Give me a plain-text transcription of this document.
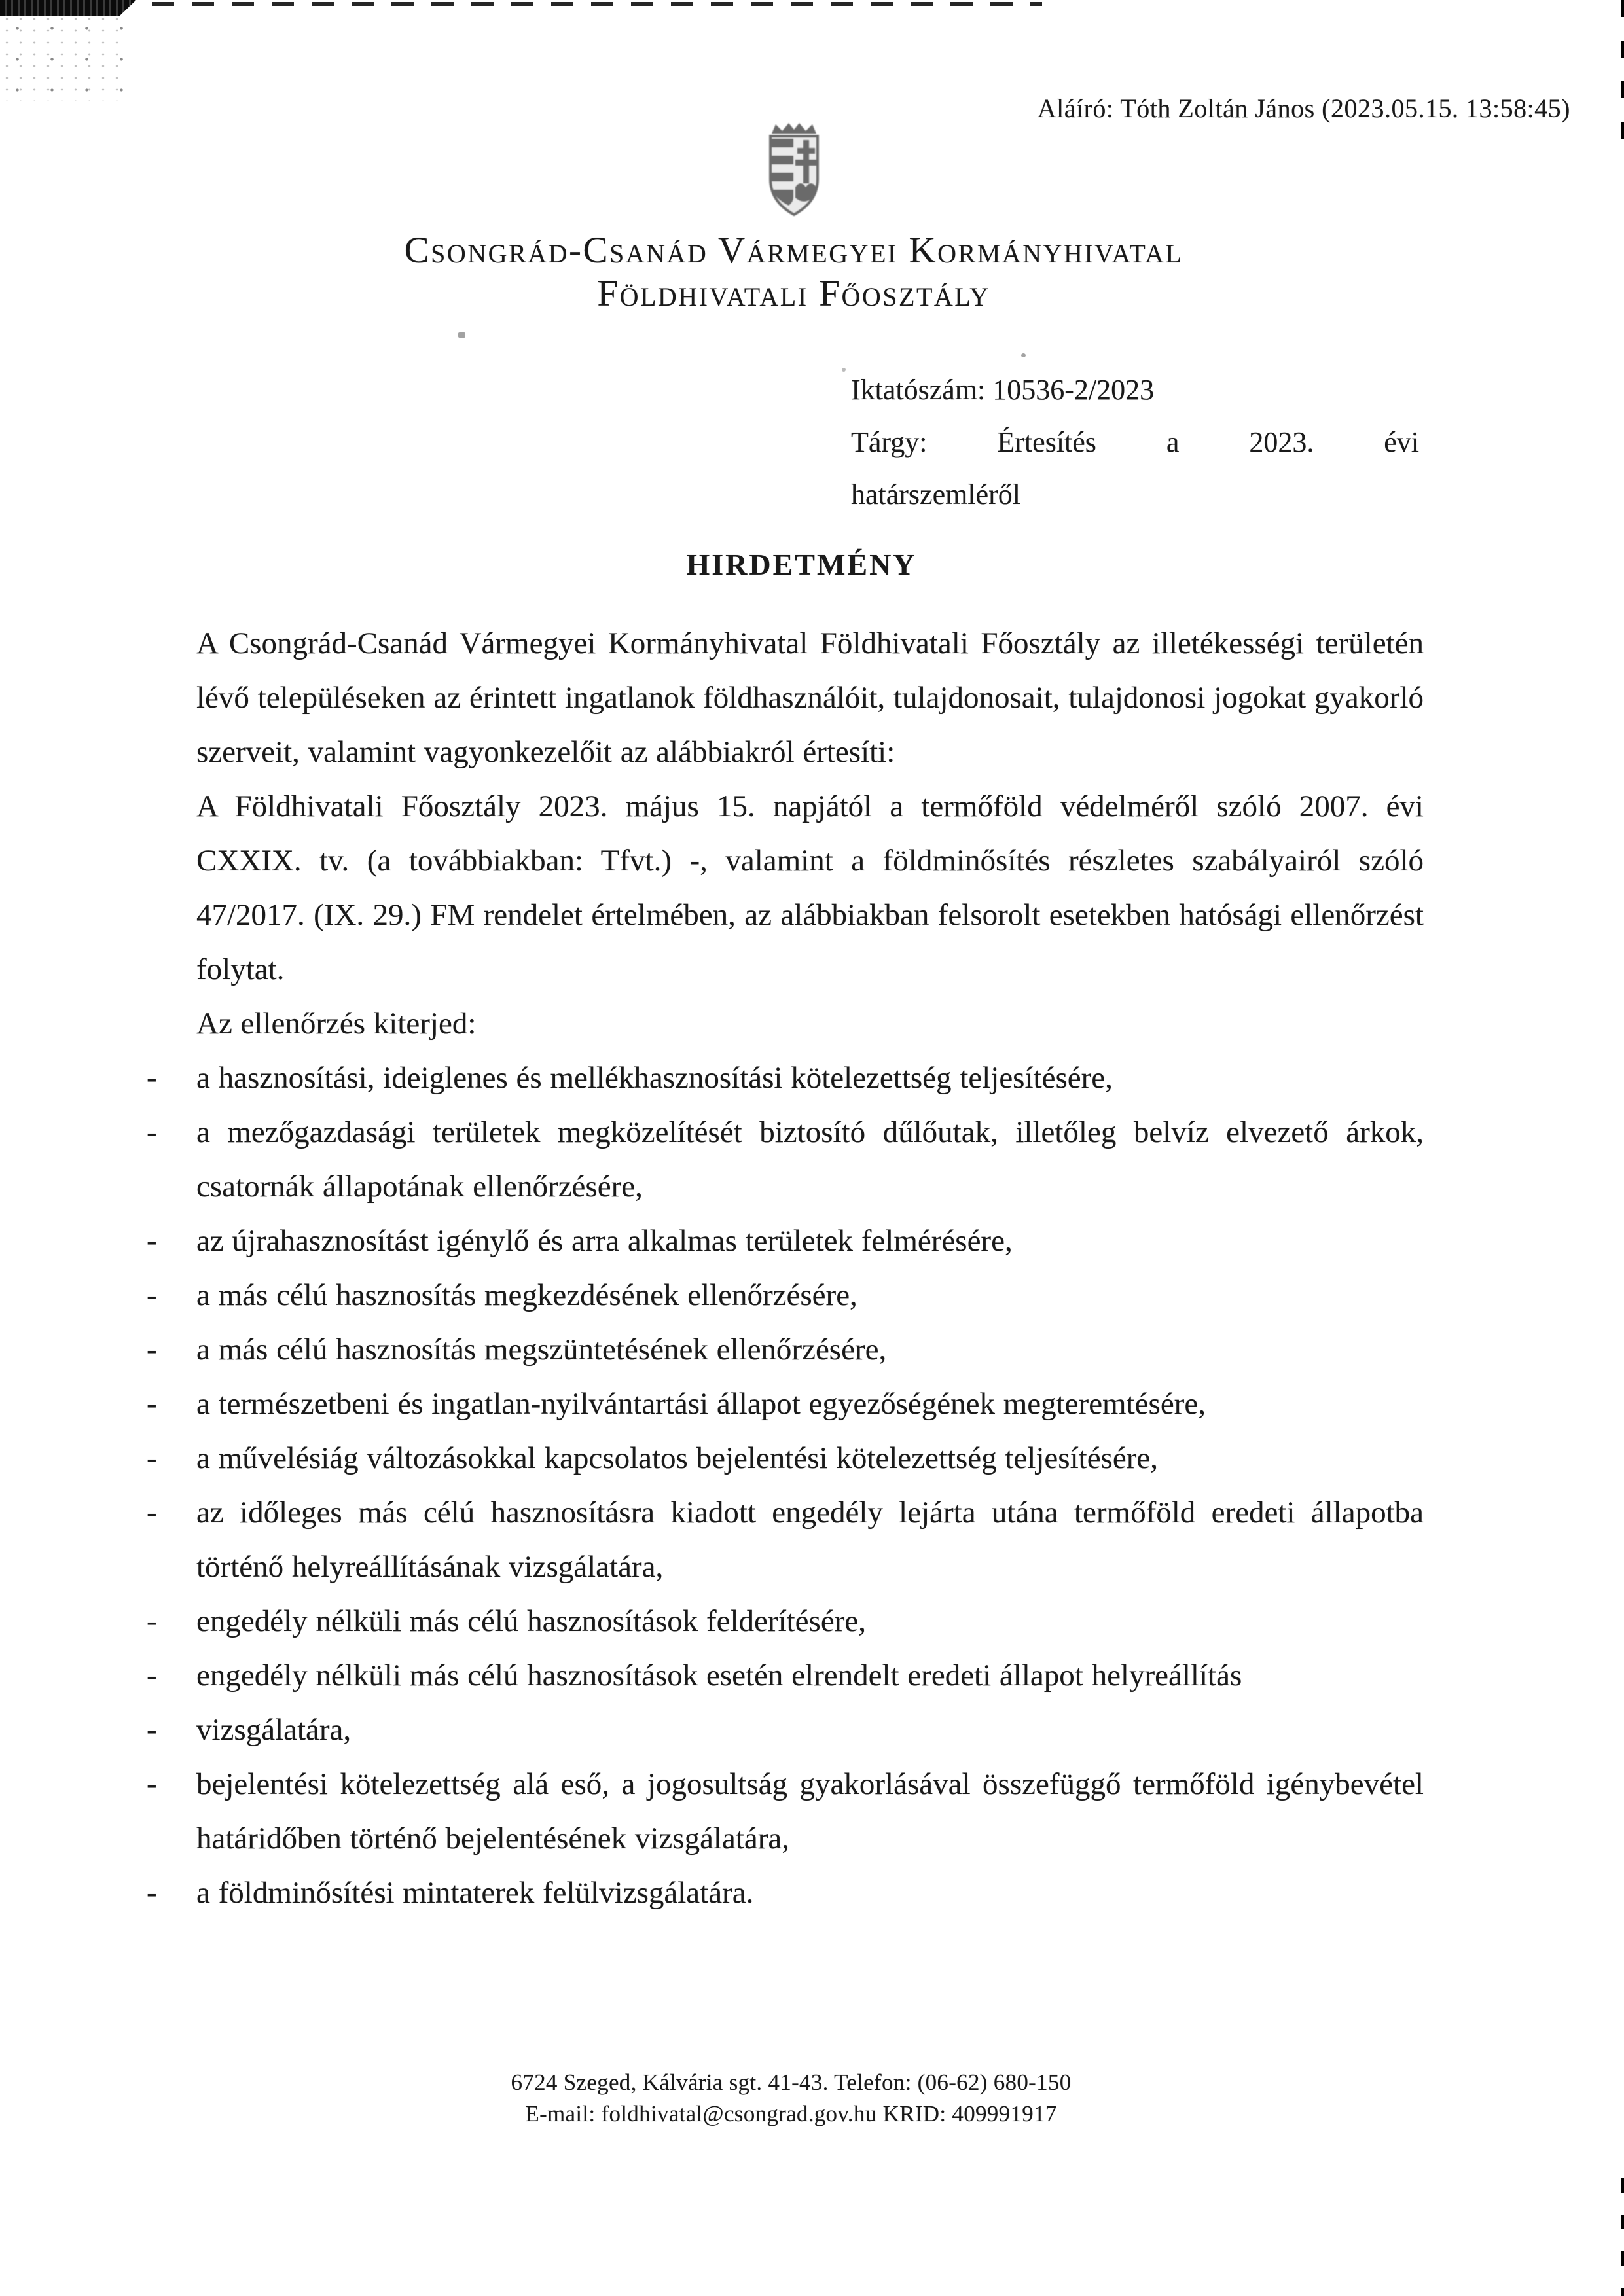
Aláíró: Tóth Zoltán János (2023.05.15. 13:58:45)
Csongrád-Csanád Vármegyei Kormányhivatal
Földhivatali Főosztály
Iktatószám: 10536-2/2023
Tárgy: Értesítés a 2023. évi
határszemléről
HIRDETMÉNY

A Csongrád-Csanád Vármegyei Kormányhivatal Földhivatali Főosztály az illetékességi területén lévő településeken az érintett ingatlanok földhasználóit, tulajdonosait, tulajdonosi jogokat gyakorló szerveit, valamint vagyonkezelőit az alábbiakról értesíti:

A Földhivatali Főosztály 2023. május 15. napjától a termőföld védelméről szóló 2007. évi CXXIX. tv. (a továbbiakban: Tfvt.) -, valamint a földminősítés részletes szabályairól szóló 47/2017. (IX. 29.) FM rendelet értelmében, az alábbiakban felsorolt esetekben hatósági ellenőrzést folytat.

Az ellenőrzés kiterjed:

- a hasznosítási, ideiglenes és mellékhasznosítási kötelezettség teljesítésére,
- a mezőgazdasági területek megközelítését biztosító dűlőutak, illetőleg belvíz elvezető árkok, csatornák állapotának ellenőrzésére,
- az újrahasznosítást igénylő és arra alkalmas területek felmérésére,
- a más célú hasznosítás megkezdésének ellenőrzésére,
- a más célú hasznosítás megszüntetésének ellenőrzésére,
- a természetbeni és ingatlan-nyilvántartási állapot egyezőségének megteremtésére,
- a művelésiág változásokkal kapcsolatos bejelentési kötelezettség teljesítésére,
- az időleges más célú hasznosításra kiadott engedély lejárta utána termőföld eredeti állapotba történő helyreállításának vizsgálatára,
- engedély nélküli más célú hasznosítások felderítésére,
- engedély nélküli más célú hasznosítások esetén elrendelt eredeti állapot helyreállítás
- vizsgálatára,
- bejelentési kötelezettség alá eső, a jogosultság gyakorlásával összefüggő termőföld igénybevétel határidőben történő bejelentésének vizsgálatára,
- a földminősítési mintaterek felülvizsgálatára.
6724 Szeged, Kálvária sgt. 41-43. Telefon: (06-62) 680-150
E-mail: foldhivatal@csongrad.gov.hu KRID: 409991917
